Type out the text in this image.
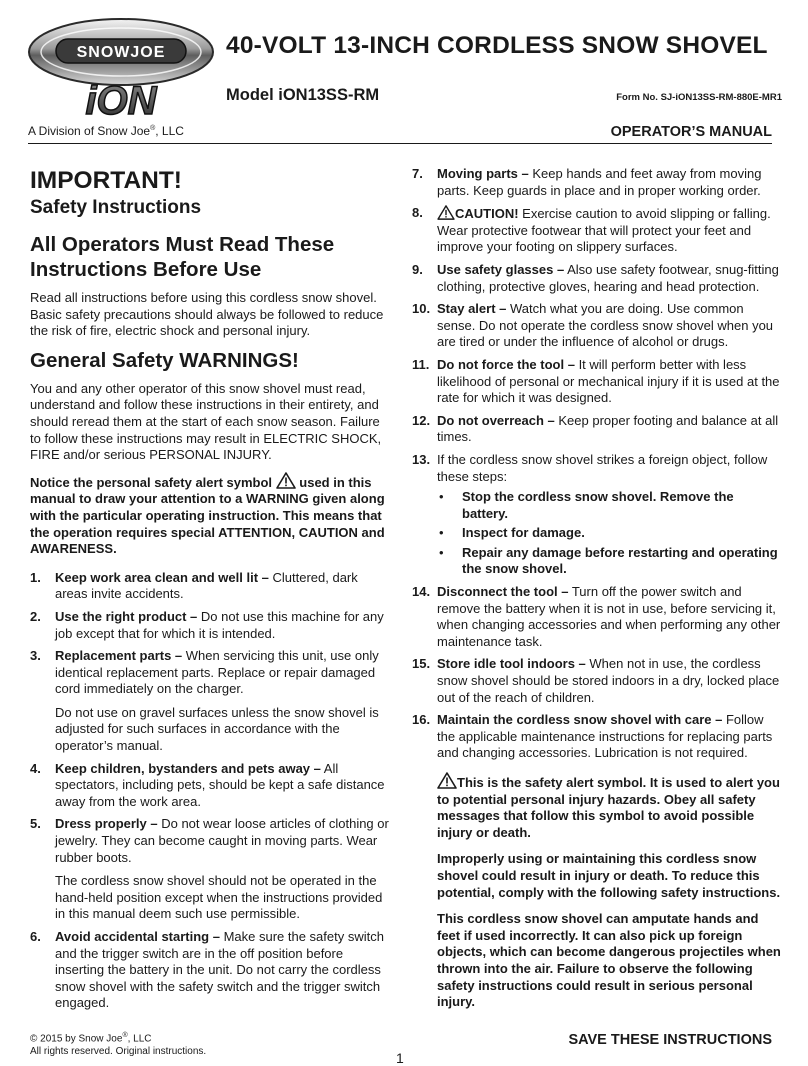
SNOWJOE
iON
40-VOLT 13-INCH CORDLESS SNOW SHOVEL
Model iON13SS-RM	Form No. SJ-iON13SS-RM-880E-MR1
A Division of Snow Joe®, LLC	OPERATOR’S MANUAL
IMPORTANT!
Safety Instructions
All Operators Must Read These Instructions Before Use

Read all instructions before using this cordless snow shovel. Basic safety precautions should always be followed to reduce the risk of fire, electric shock and personal injury.

General Safety WARNINGS!

You and any other operator of this snow shovel must read, understand and follow these instructions in their entirety, and should reread them at the start of each snow season. Failure to follow these instructions may result in ELECTRIC SHOCK, FIRE and/or serious PERSONAL INJURY.

Notice the personal safety alert symbol used in this manual to draw your attention to a WARNING given along with the particular operating instruction. This means that the operation requires special ATTENTION, CAUTION and AWARENESS.

1. Keep work area clean and well lit – Cluttered, dark areas invite accidents.
2. Use the right product – Do not use this machine for any job except that for which it is intended.
3. Replacement parts – When servicing this unit, use only identical replacement parts. Replace or repair damaged cord immediately on the charger.

Do not use on gravel surfaces unless the snow shovel is adjusted for such surfaces in accordance with the operator’s manual.

4. Keep children, bystanders and pets away – All spectators, including pets, should be kept a safe distance away from the work area.
5. Dress properly – Do not wear loose articles of clothing or jewelry. They can become caught in moving parts. Wear rubber boots.

The cordless snow shovel should not be operated in the hand-held position except when the instructions provided in this manual deem such use permissible.

6. Avoid accidental starting – Make sure the safety switch and the trigger switch are in the off position before inserting the battery in the unit. Do not carry the cordless snow shovel with the safety switch and the trigger switch engaged.
7. Moving parts – Keep hands and feet away from moving parts. Keep guards in place and in proper working order.
8. CAUTION! Exercise caution to avoid slipping or falling. Wear protective footwear that will protect your feet and improve your footing on slippery surfaces.
9. Use safety glasses – Also use safety footwear, snug-fitting clothing, protective gloves, hearing and head protection.
10. Stay alert – Watch what you are doing. Use common sense. Do not operate the cordless snow shovel when you are tired or under the influence of alcohol or drugs.
11. Do not force the tool – It will perform better with less likelihood of personal or mechanical injury if it is used at the rate for which it was designed.
12. Do not overreach – Keep proper footing and balance at all times.
13. If the cordless snow shovel strikes a foreign object, follow these steps:
• Stop the cordless snow shovel. Remove the battery.
• Inspect for damage.
• Repair any damage before restarting and operating the snow shovel.
14. Disconnect the tool – Turn off the power switch and remove the battery when it is not in use, before servicing it, when changing accessories and when performing any other maintenance task.
15. Store idle tool indoors – When not in use, the cordless snow shovel should be stored indoors in a dry, locked place out of the reach of children.
16. Maintain the cordless snow shovel with care – Follow the applicable maintenance instructions for replacing parts and changing accessories. Lubrication is not required.

This is the safety alert symbol. It is used to alert you to potential personal injury hazards. Obey all safety messages that follow this symbol to avoid possible injury or death.

Improperly using or maintaining this cordless snow shovel could result in injury or death. To reduce this potential, comply with the following safety instructions.

This cordless snow shovel can amputate hands and feet if used incorrectly. It can also pick up foreign objects, which can become dangerous projectiles when thrown into the air. Failure to observe the following safety instructions could result in serious personal injury.

© 2015 by Snow Joe®, LLC
All rights reserved. Original instructions.
SAVE THESE INSTRUCTIONS
1
